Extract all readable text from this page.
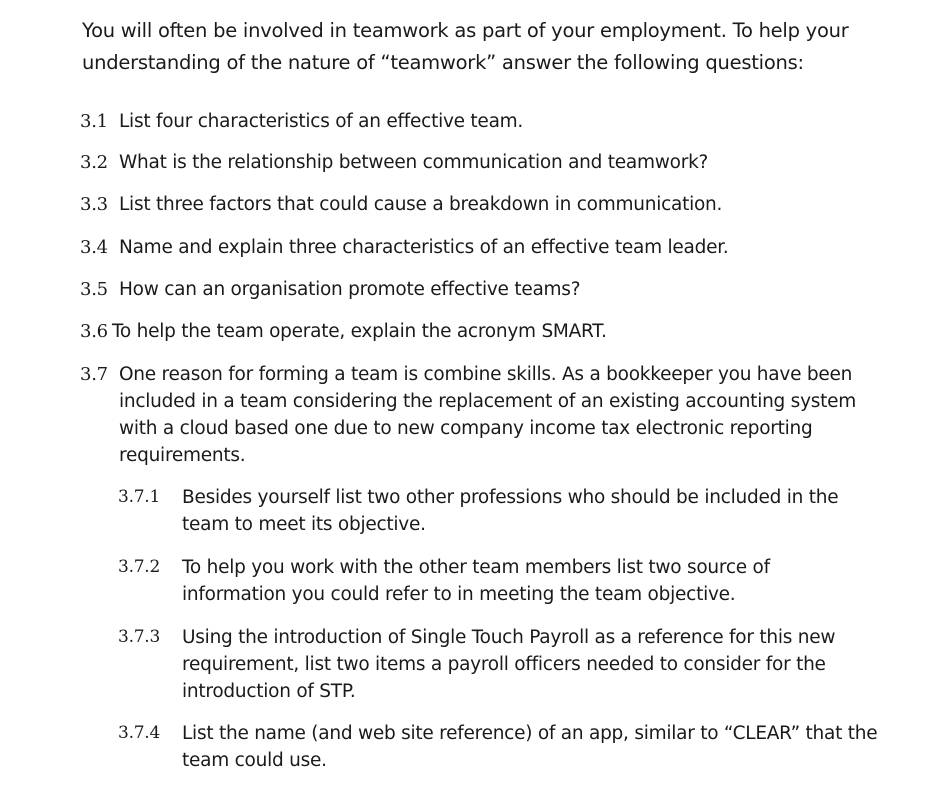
You will often be involved in teamwork as part of your employment. To help your understanding of the nature of “teamwork” answer the following questions:
3.1 List four characteristics of an effective team.
3.2 What is the relationship between communication and teamwork?
3.3 List three factors that could cause a breakdown in communication.
3.4 Name and explain three characteristics of an effective team leader.
3.5 How can an organisation promote effective teams?
3.6 To help the team operate, explain the acronym SMART.
3.7 One reason for forming a team is combine skills. As a bookkeeper you have been included in a team considering the replacement of an existing accounting system with a cloud based one due to new company income tax electronic reporting requirements.
3.7.1 Besides yourself list two other professions who should be included in the team to meet its objective.
3.7.2 To help you work with the other team members list two source of information you could refer to in meeting the team objective.
3.7.3 Using the introduction of Single Touch Payroll as a reference for this new requirement, list two items a payroll officers needed to consider for the introduction of STP.
3.7.4 List the name (and web site reference) of an app, similar to “CLEAR” that the team could use.
